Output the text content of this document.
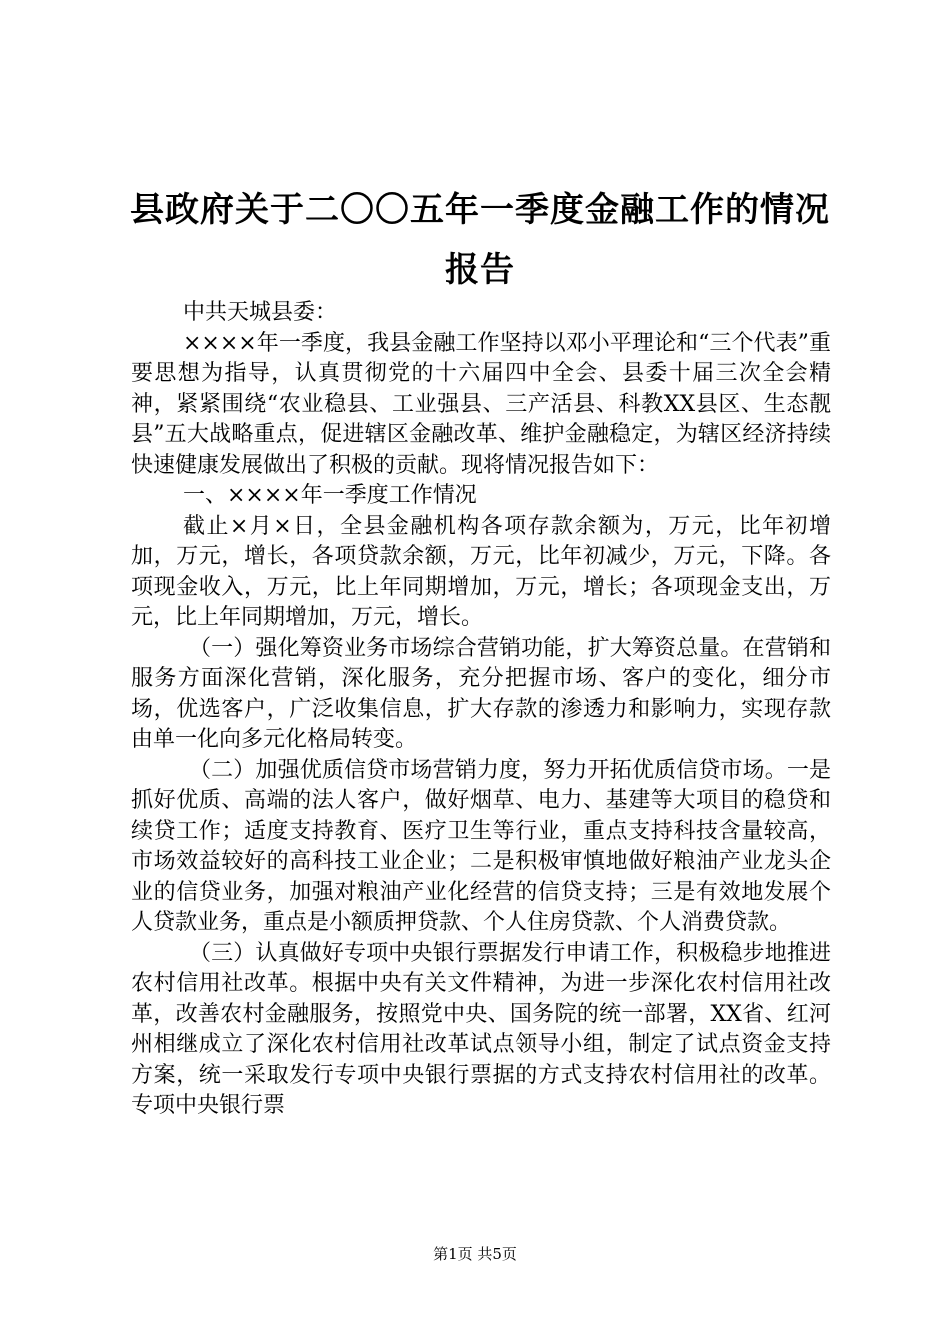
县政府关于二〇〇五年一季度金融工作的情况
报告

中共天城县委：

××××年一季度，我县金融工作坚持以邓小平理论和“三个代表”重要思想为指导，认真贯彻党的十六届四中全会、县委十届三次全会精神，紧紧围绕“农业稳县、工业强县、三产活县、科教XX县区、生态靓县”五大战略重点，促进辖区金融改革、维护金融稳定，为辖区经济持续快速健康发展做出了积极的贡献。现将情况报告如下：

一、××××年一季度工作情况

截止×月×日，全县金融机构各项存款余额为，万元，比年初增加，万元，增长，各项贷款余额，万元，比年初减少，万元，下降。各项现金收入，万元，比上年同期增加，万元，增长；各项现金支出，万元，比上年同期增加，万元，增长。

（一）强化筹资业务市场综合营销功能，扩大筹资总量。在营销和服务方面深化营销，深化服务，充分把握市场、客户的变化，细分市场，优选客户，广泛收集信息，扩大存款的渗透力和影响力，实现存款由单一化向多元化格局转变。

（二）加强优质信贷市场营销力度，努力开拓优质信贷市场。一是抓好优质、高端的法人客户，做好烟草、电力、基建等大项目的稳贷和续贷工作；适度支持教育、医疗卫生等行业，重点支持科技含量较高，市场效益较好的高科技工业企业；二是积极审慎地做好粮油产业龙头企业的信贷业务，加强对粮油产业化经营的信贷支持；三是有效地发展个人贷款业务，重点是小额质押贷款、个人住房贷款、个人消费贷款。

（三）认真做好专项中央银行票据发行申请工作，积极稳步地推进农村信用社改革。根据中央有关文件精神，为进一步深化农村信用社改革，改善农村金融服务，按照党中央、国务院的统一部署，XX省、红河州相继成立了深化农村信用社改革试点领导小组，制定了试点资金支持方案，统一采取发行专项中央银行票据的方式支持农村信用社的改革。专项中央银行票

第1页 共5页
